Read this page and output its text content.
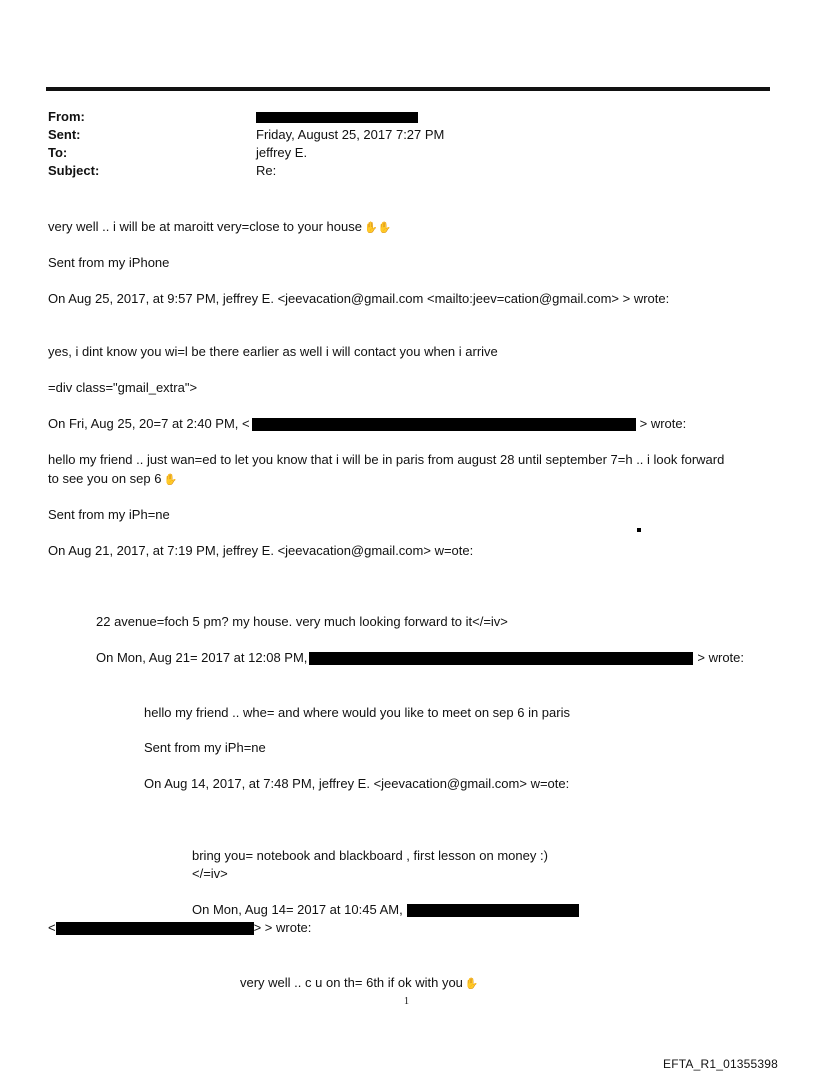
From:
Sent:	Friday, August 25, 2017 7:27 PM
To:	jeffrey E.
Subject:	Re:
very well .. i will be at maroitt very=close to your house ✋✋
Sent from my iPhone
On Aug 25, 2017, at 9:57 PM, jeffrey E. <jeevacation@gmail.com <mailto:jeev=cation@gmail.com> > wrote:
yes, i dint know you wi=l be there earlier as well i will contact you when i arrive
=div class="gmail_extra">
On Fri, Aug 25, 20=7 at 2:40 PM, <	> wrote:
hello my friend .. just wan=ed to let you know that i will be in paris from august 28 until september 7=h .. i look forward
to see you on sep 6 ✋
Sent from my iPh=ne
On Aug 21, 2017, at 7:19 PM, jeffrey E. <jeevacation@gmail.com> w=ote:
22 avenue=foch 5 pm? my house. very much looking forward to it</=iv>
On Mon, Aug 21= 2017 at 12:08 PM,	> wrote:
hello my friend .. whe= and where would you like to meet on sep 6 in paris
Sent from my iPh=ne
On Aug 14, 2017, at 7:48 PM, jeffrey E. <jeevacation@gmail.com> w=ote:
bring you= notebook and blackboard , first lesson on money :)
</=iv>
On Mon, Aug 14= 2017 at 10:45 AM,
<	> > wrote:
very well .. c u on th= 6th if ok with you ✋
1
EFTA_R1_01355398
